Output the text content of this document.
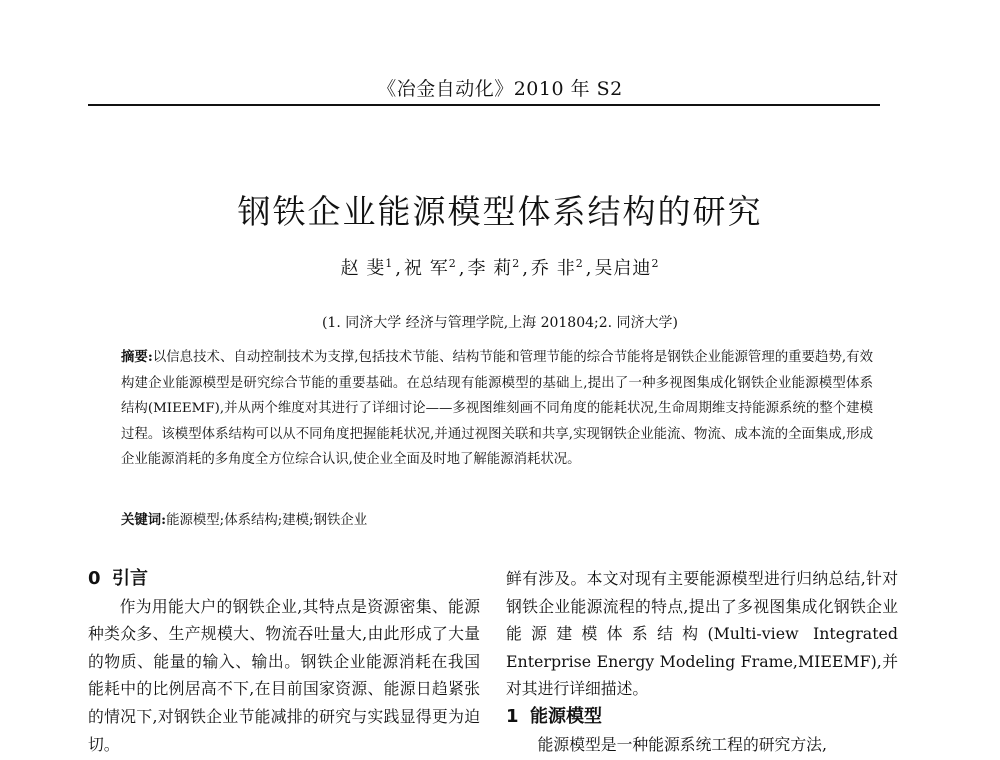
《冶金自动化》2010 年 S2
钢铁企业能源模型体系结构的研究
赵 斐$^1$ , 祝 军$^2$ , 李 莉$^2$ , 乔 非$^2$ , 吴启迪$^2$
(1. 同济大学 经济与管理学院,上海 201804;2. 同济大学)
摘要:以信息技术、自动控制技术为支撑,包括技术节能、结构节能和管理节能的综合节能将是钢铁企业能源管理的重要趋势,有效构建企业能源模型是研究综合节能的重要基础。在总结现有能源模型的基础上,提出了一种多视图集成化钢铁企业能源模型体系结构(MIEEMF),并从两个维度对其进行了详细讨论——多视图维刻画不同角度的能耗状况,生命周期维支持能源系统的整个建模过程。该模型体系结构可以从不同角度把握能耗状况,并通过视图关联和共享,实现钢铁企业能流、物流、成本流的全面集成,形成企业能源消耗的多角度全方位综合认识,使企业全面及时地了解能源消耗状况。
关键词:能源模型;体系结构;建模;钢铁企业
0 引言
作为用能大户的钢铁企业,其特点是资源密集、能源种类众多、生产规模大、物流吞吐量大,由此形成了大量的物质、能量的输入、输出。钢铁企业能源消耗在我国能耗中的比例居高不下,在目前国家资源、能源日趋紧张的情况下,对钢铁企业节能减排的研究与实践显得更为迫切。
鲜有涉及。本文对现有主要能源模型进行归纳总结,针对钢铁企业能源流程的特点,提出了多视图集成化钢铁企业能源建模体系结构(Multi-view Integrated Enterprise Energy Modeling Frame,MIEEMF),并对其进行详细描述。
1 能源模型
能源模型是一种能源系统工程的研究方法,
